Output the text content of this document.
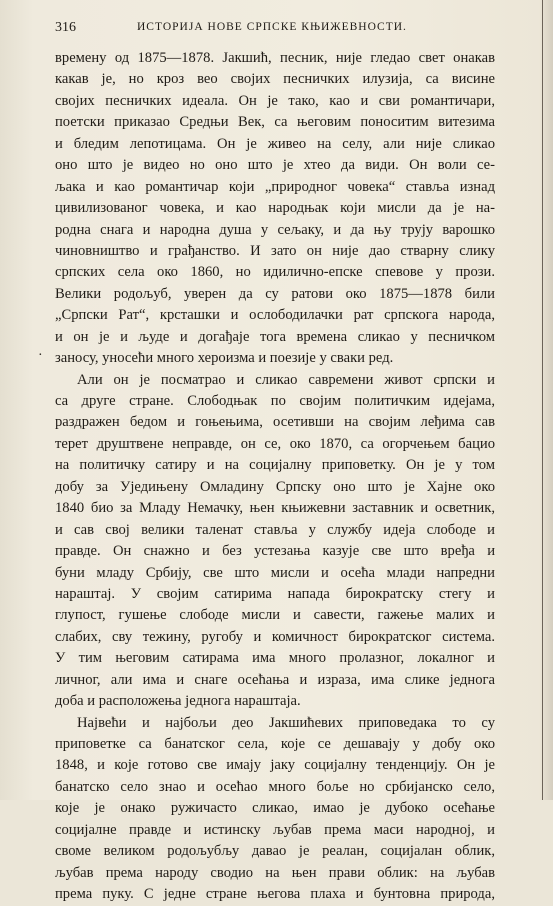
316	ИСТОРИЈА НОВЕ СРПСКЕ КЊИЖЕВНОСТИ.
·
времену од 1875—1878. Јакшић, песник, није гледао свет онакав
какав је, но кроз вео својих песничких илузија, са висине
својих песничких идеала. Он је тако, као и сви романтичари,
поетски приказао Средњи Век, са његовим поноситим витезима
и бледим лепотицама. Он је живео на селу, али није сликао
оно што је видео но оно што је хтео да види. Он воли се-
љака и као романтичар који „природног човека“ ставља изнад
цивилизованог човека, и као народњак који мисли да је на-
родна снага и народна душа у сељаку, и да њу трују варошко
чиновништво и грађанство. И зато он није дао стварну слику
српских села око 1860, но идилично-епске спевове у прози.
Велики родољуб, уверен да су ратови око 1875—1878 били
„Српски Рат“, крсташки и ослободилачки рат српскога народа,
и он је и људе и догађаје тога времена сликао у песничком
заносу, уносећи много хероизма и поезије у сваки ред.
Али он је посматрао и сликао савремени живот српски и
са друге стране. Слободњак по својим политичким идејама,
раздражен бедом и гоњењима, осетивши на својим леђима сав
терет друштвене неправде, он се, око 1870, са огорчењем бацио
на политичку сатиру и на социјалну приповетку. Он је у том
добу за Уједињену Омладину Српску оно што је Хајне око
1840 био за Младу Немачку, њен књижевни заставник и осветник,
и сав свој велики таленат ставља у службу идеја слободе и
правде. Он снажно и без устезања казује све што вређа и
буни младу Србију, све што мисли и осећа млади напредни
нараштај. У својим сатирима напада бирократску стегу и
глупост, гушење слободе мисли и савести, гажење малих и
слабих, сву тежину, ругобу и комичност бирократског система.
У тим његовим сатирама има много пролазног, локалног и
личног, али има и снаге осећања и израза, има слике једнога
доба и расположења једнога нараштаја.
Највећи и најбољи део Јакшићевих приповедака то су
приповетке са банатског села, које се дешавају у добу око
1848, и које готово све имају јаку социјалну тенденцију. Он је
банатско село знао и осећао много боље но србијанско село,
које је онако ружичасто сликао, имао је дубоко осећање
социјалне правде и истинску љубав према маси народној, и
своме великом родољубљу давао је реалан, социјалан облик,
љубав према народу сводио на њен прави облик: на љубав
према пуку. С једне стране његова плаха и бунтовна природа,
